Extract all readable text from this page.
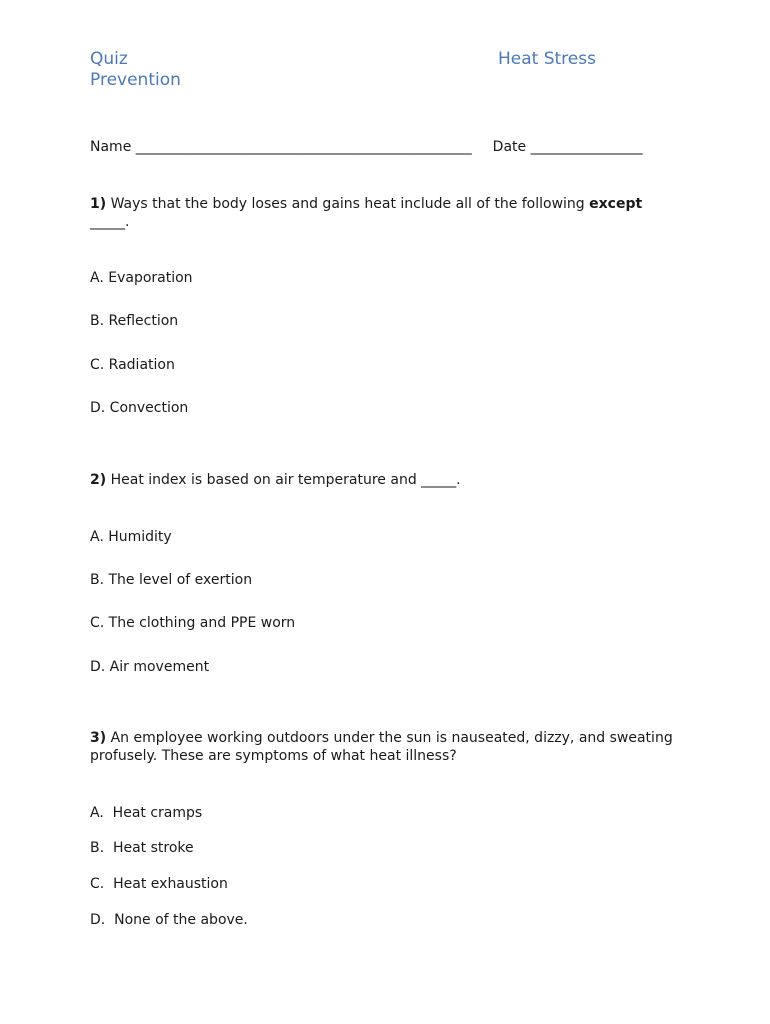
Quiz
Prevention
Heat Stress
Name ________________________________________________ Date ________________
1) Ways that the body loses and gains heat include all of the following except _____.
A. Evaporation
B. Reflection
C. Radiation
D. Convection
2) Heat index is based on air temperature and _____.
A. Humidity
B. The level of exertion
C. The clothing and PPE worn
D. Air movement
3) An employee working outdoors under the sun is nauseated, dizzy, and sweating profusely. These are symptoms of what heat illness?
A.  Heat cramps
B.  Heat stroke
C.  Heat exhaustion
D.  None of the above.
